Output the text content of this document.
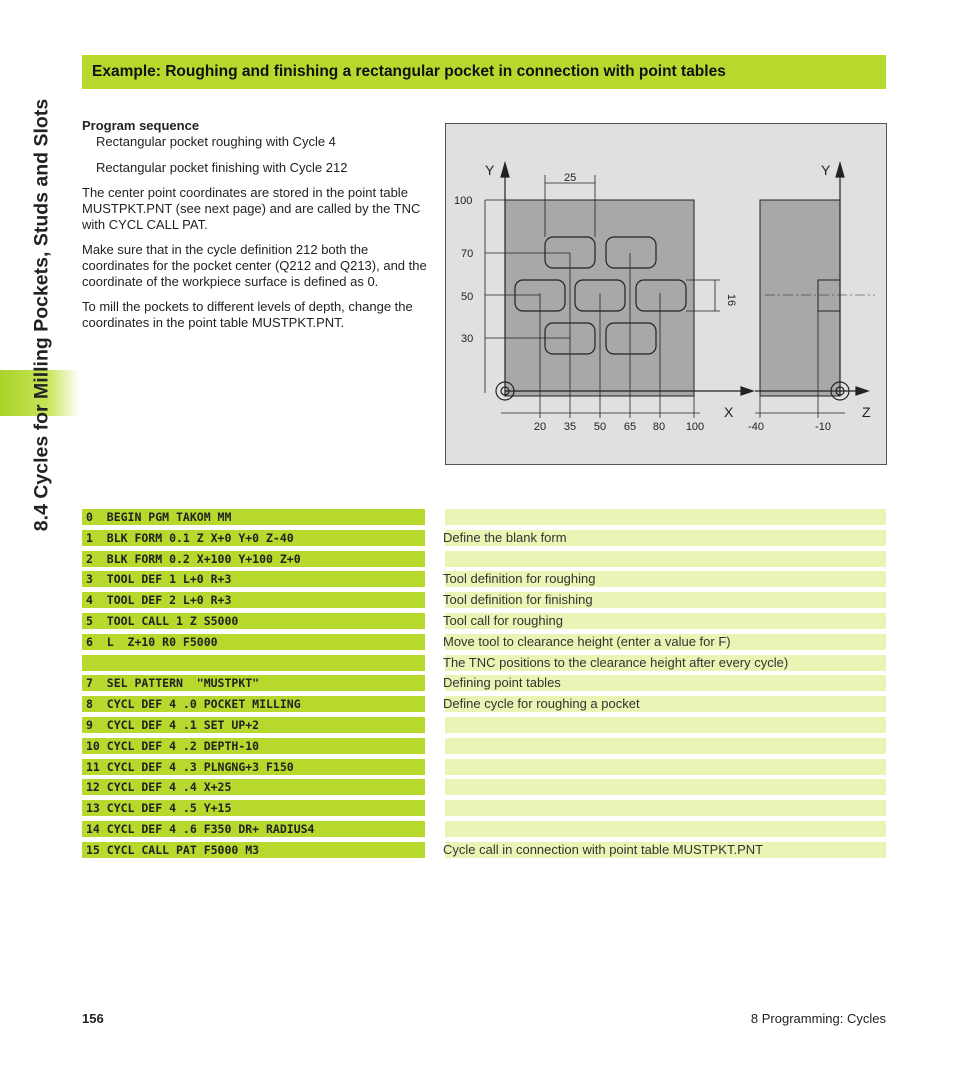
8.4 Cycles for Milling Pockets, Studs and Slots
Example: Roughing and finishing a rectangular pocket in connection with point tables

Program sequence

Rectangular pocket roughing with Cycle 4

Rectangular pocket finishing with Cycle 212

The center point coordinates are stored in the point table MUSTPKT.PNT (see next page) and are called by the TNC with CYCL CALL PAT.

Make sure that in the cycle definition 212 both the coordinates for the pocket center (Q212 and Q213), and the coordinate of the workpiece surface is defined as 0.

To mill the pockets to different levels of depth, change the coordinates in the point table MUSTPKT.PNT.

Y
X
Y
Z
25
16
100
70
50
30
20 35 50 65 80 100	-40	-10
0  BEGIN PGM TAKOM MM
1  BLK FORM 0.1 Z X+0 Y+0 Z-40	Define the blank form
2  BLK FORM 0.2 X+100 Y+100 Z+0
3  TOOL DEF 1 L+0 R+3	Tool definition for roughing
4  TOOL DEF 2 L+0 R+3	Tool definition for finishing
5  TOOL CALL 1 Z S5000	Tool call for roughing
6  L  Z+10 R0 F5000	Move tool to clearance height (enter a value for F)
The TNC positions to the clearance height after every cycle)
7  SEL PATTERN  "MUSTPKT"	Defining point tables
8  CYCL DEF 4 .0 POCKET MILLING	Define cycle for roughing a pocket
9  CYCL DEF 4 .1 SET UP+2
10 CYCL DEF 4 .2 DEPTH-10
11 CYCL DEF 4 .3 PLNGNG+3 F150
12 CYCL DEF 4 .4 X+25
13 CYCL DEF 4 .5 Y+15
14 CYCL DEF 4 .6 F350 DR+ RADIUS4
15 CYCL CALL PAT F5000 M3	Cycle call in connection with point table MUSTPKT.PNT
156	8 Programming: Cycles
